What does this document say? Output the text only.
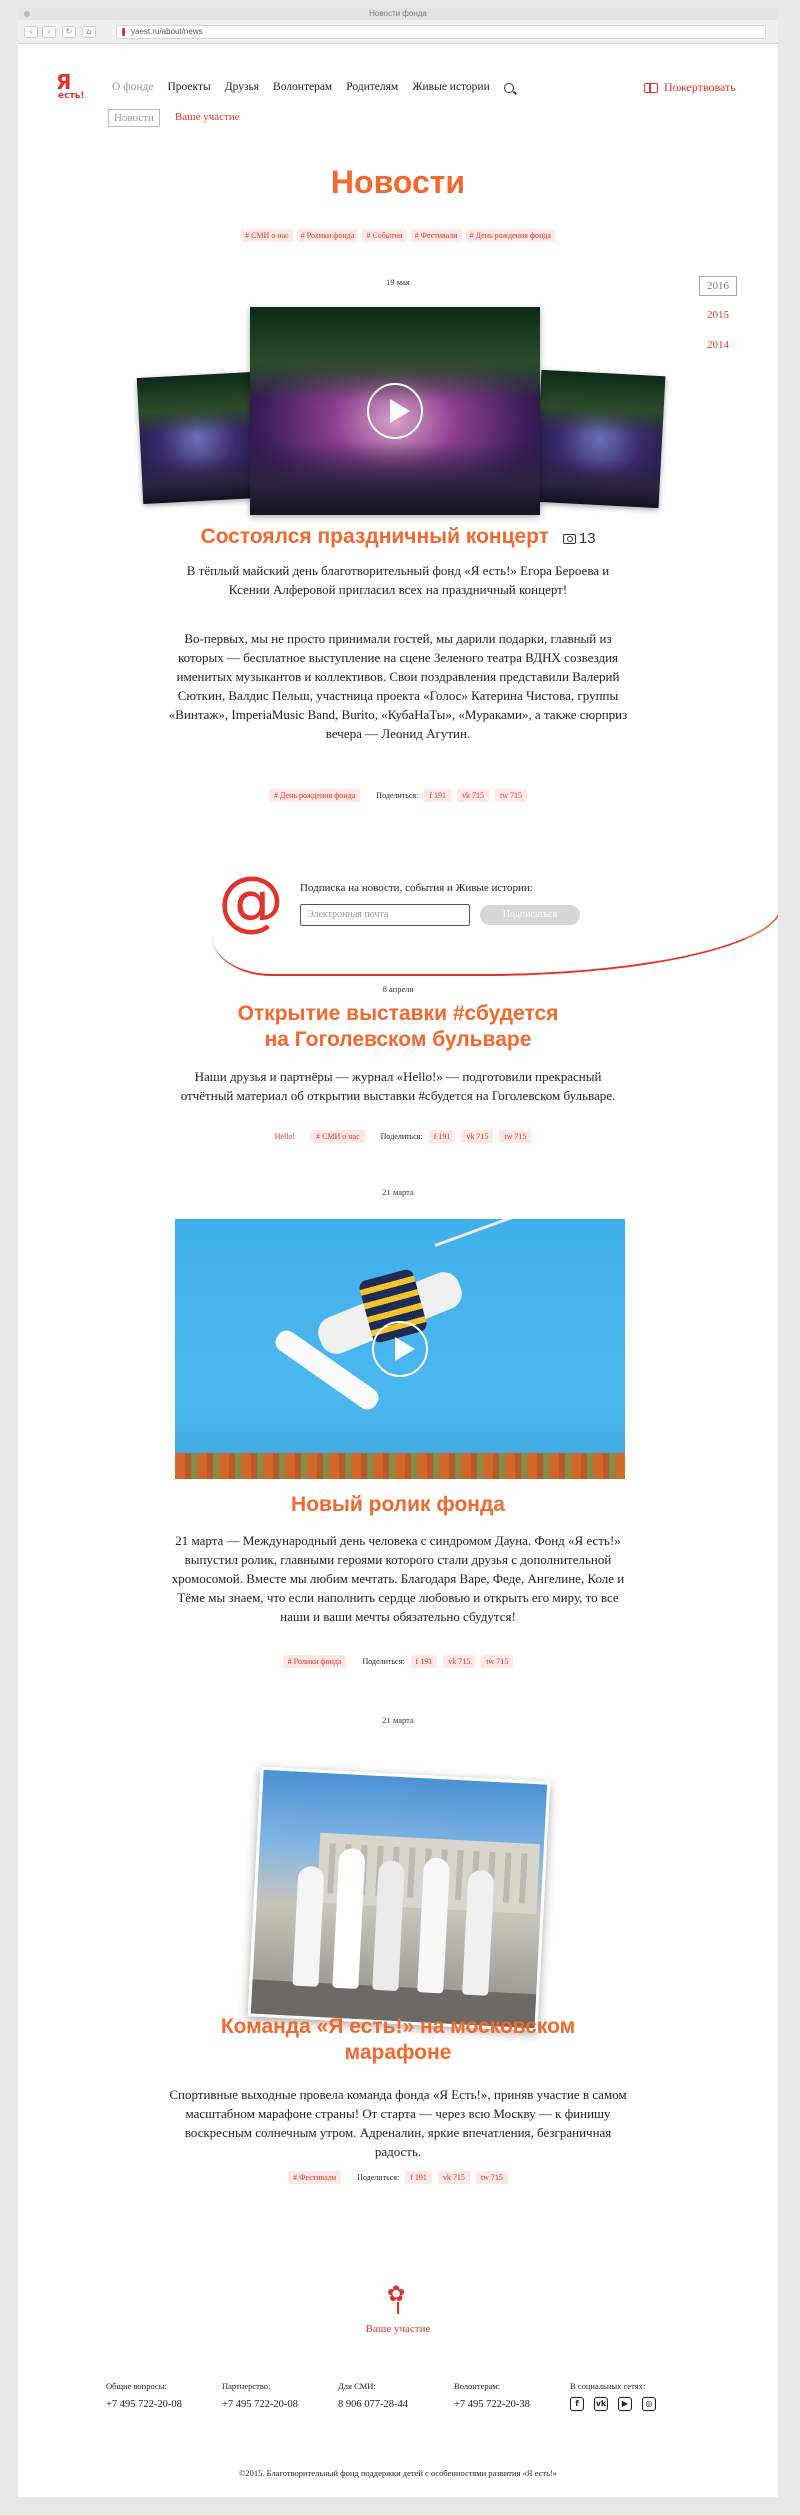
Новости фонда
‹	›	↻	⌂	yaest.ru/about/news
Я
есть!
О фонде Проекты Друзья Волонтерам Родителям Живые истории	Пожертвовать
Новости	Ваше участие
Новости
# СМИ о нас	# Ролики фонда	# События	# Фестивали	# День рождения фонда
2016
2015
2014
19 мая
Состоялся праздничный концерт 13

В тёплый майский день благотворительный фонд «Я есть!» Егора Бероева и Ксении Алферовой пригласил всех на праздничный концерт!

Во-первых, мы не просто принимали гостей, мы дарили подарки, главный из которых — бесплатное выступление на сцене Зеленого театра ВДНХ созвездия именитых музыкантов и коллективов. Свои поздравления представили Валерий Сюткин, Валдис Пельш, участница проекта «Голос» Катерина Чистова, группы «Винтаж», ImperiaMusic Band, Burito, «КубаНаТы», «Мураками», а также сюрприз вечера — Леонид Агутин.

# День рождения фонда	Поделиться:	f 191	vk 715	tw 715
@ Подписка на новости, события и Живые истории:
Электронная почта	Подписаться
8 апреля
Открытие выставки #сбудется
на Гоголевском бульваре

Наши друзья и партнёры — журнал «Hello!» — подготовили прекрасный отчётный материал об открытии выставки #сбудется на Гоголевском бульваре.

Hello!	# СМИ о нас	Поделиться:	f 191	vk 715	tw 715
21 марта
Новый ролик фонда

21 марта — Международный день человека с синдромом Дауна. Фонд «Я есть!» выпустил ролик, главными героями которого стали друзья с дополнительной хромосомой. Вместе мы любим мечтать. Благодаря Варе, Феде, Ангелине, Коле и Тёме мы знаем, что если наполнить сердце любовью и открыть его миру, то все наши и ваши мечты обязательно сбудутся!

# Ролики фонда	Поделиться:	f 191	vk 715	tw 715
21 марта
Команда «Я есть!» на московском
марафоне

Спортивные выходные провела команда фонда «Я Есть!», приняв участие в самом масштабном марафоне страны! От старта — через всю Москву — к финишу воскресным солнечным утром. Адреналин, яркие впечатления, безграничная радость.

# Фестивали	Поделиться:	f 191	vk 715	tw 715
✿
Ваше участие
Общие вопросы:
+7 495 722-20-08
Партнерство:
+7 495 722-20-08
Для СМИ:
8 906 077-28-44
Волонтерам:
+7 495 722-20-38
В социальных сетях:
f	vk	▶	◎
©2015. Благотворительный фонд поддержки детей с особенностями развития «Я есть!»
